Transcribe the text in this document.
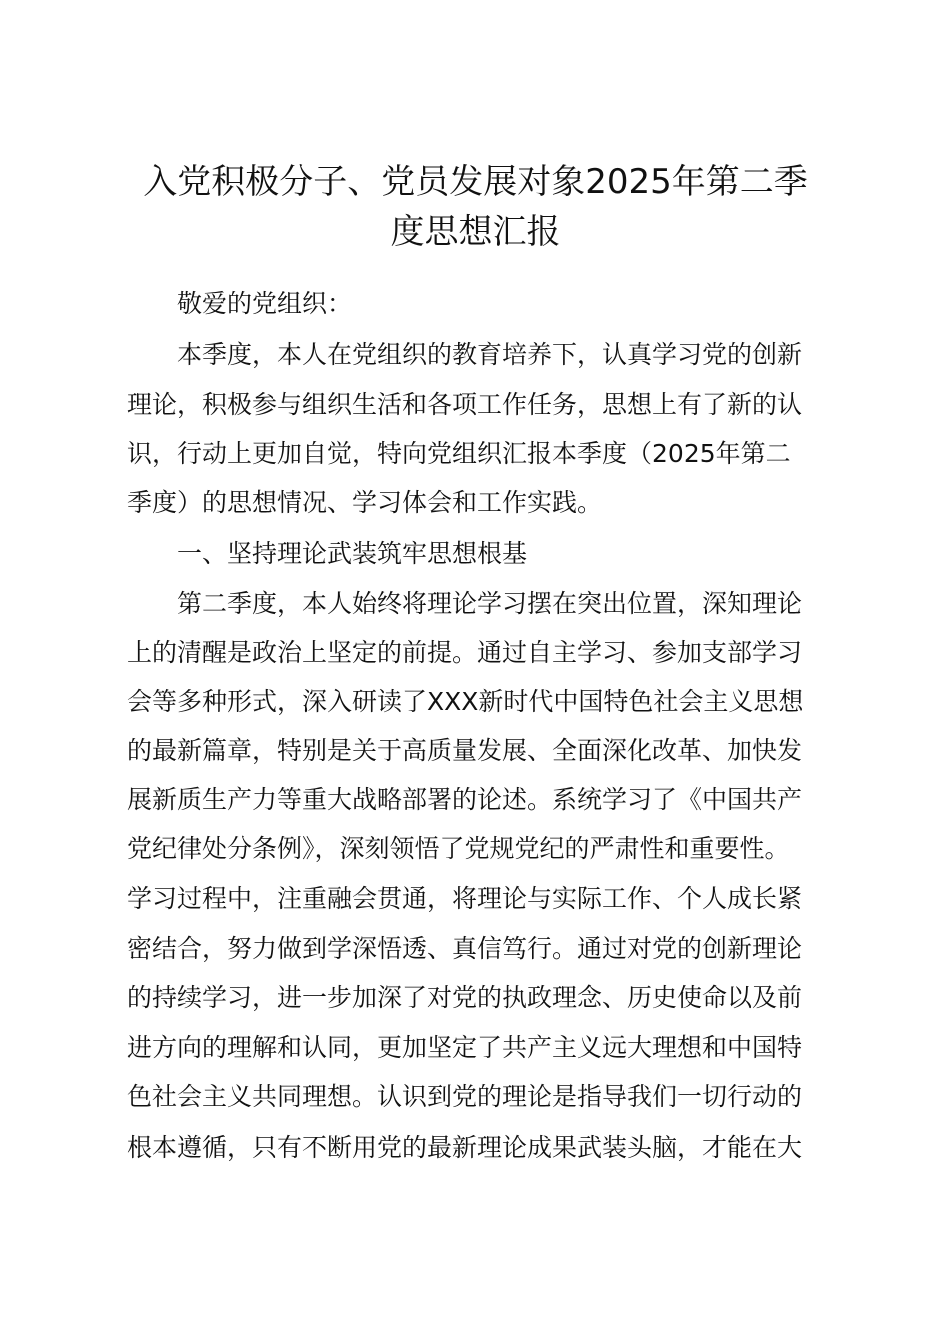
入党积极分子、党员发展对象2025年第二季
度思想汇报
敬爱的党组织：
本季度，本人在党组织的教育培养下，认真学习党的创新
理论，积极参与组织生活和各项工作任务，思想上有了新的认
识，行动上更加自觉，特向党组织汇报本季度（2025年第二
季度）的思想情况、学习体会和工作实践。
一、坚持理论武装筑牢思想根基
第二季度，本人始终将理论学习摆在突出位置，深知理论
上的清醒是政治上坚定的前提。通过自主学习、参加支部学习
会等多种形式，深入研读了XXX新时代中国特色社会主义思想
的最新篇章，特别是关于高质量发展、全面深化改革、加快发
展新质生产力等重大战略部署的论述。系统学习了《中国共产
党纪律处分条例》，深刻领悟了党规党纪的严肃性和重要性。
学习过程中，注重融会贯通，将理论与实际工作、个人成长紧
密结合，努力做到学深悟透、真信笃行。通过对党的创新理论
的持续学习，进一步加深了对党的执政理念、历史使命以及前
进方向的理解和认同，更加坚定了共产主义远大理想和中国特
色社会主义共同理想。认识到党的理论是指导我们一切行动的
根本遵循，只有不断用党的最新理论成果武装头脑，才能在大
